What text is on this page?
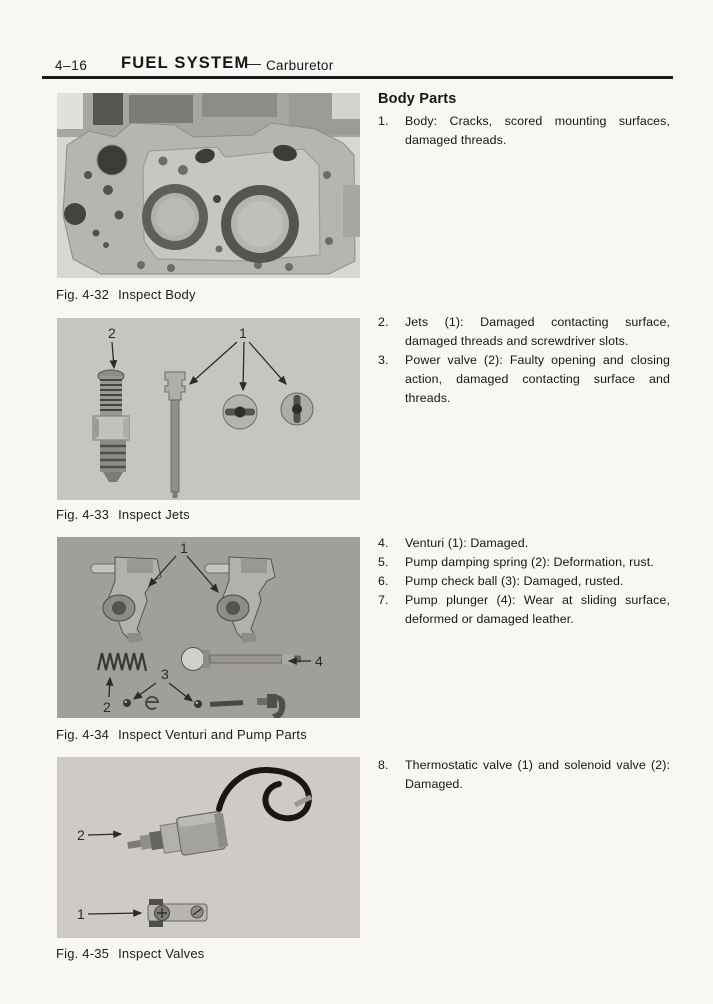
4–16 FUEL SYSTEM
— Carburetor
Fig. 4-32 Inspect Body
2	1
Fig. 4-33 Inspect Jets
1
2
3
4
Fig. 4-34 Inspect Venturi and Pump Parts
2
1
Fig. 4-35 Inspect Valves
Body Parts
1.	Body: Cracks, scored mounting surfaces, damaged threads.
2.	Jets (1): Damaged contacting surface, damaged threads and screwdriver slots.
3.	Power valve (2): Faulty opening and closing action, damaged contacting surface and threads.
4.	Venturi (1): Damaged.
5.	Pump damping spring (2): Deformation, rust.
6.	Pump check ball (3): Damaged, rusted.
7.	Pump plunger (4): Wear at sliding surface, deformed or damaged leather.
8.	Thermostatic valve (1) and solenoid valve (2): Damaged.
